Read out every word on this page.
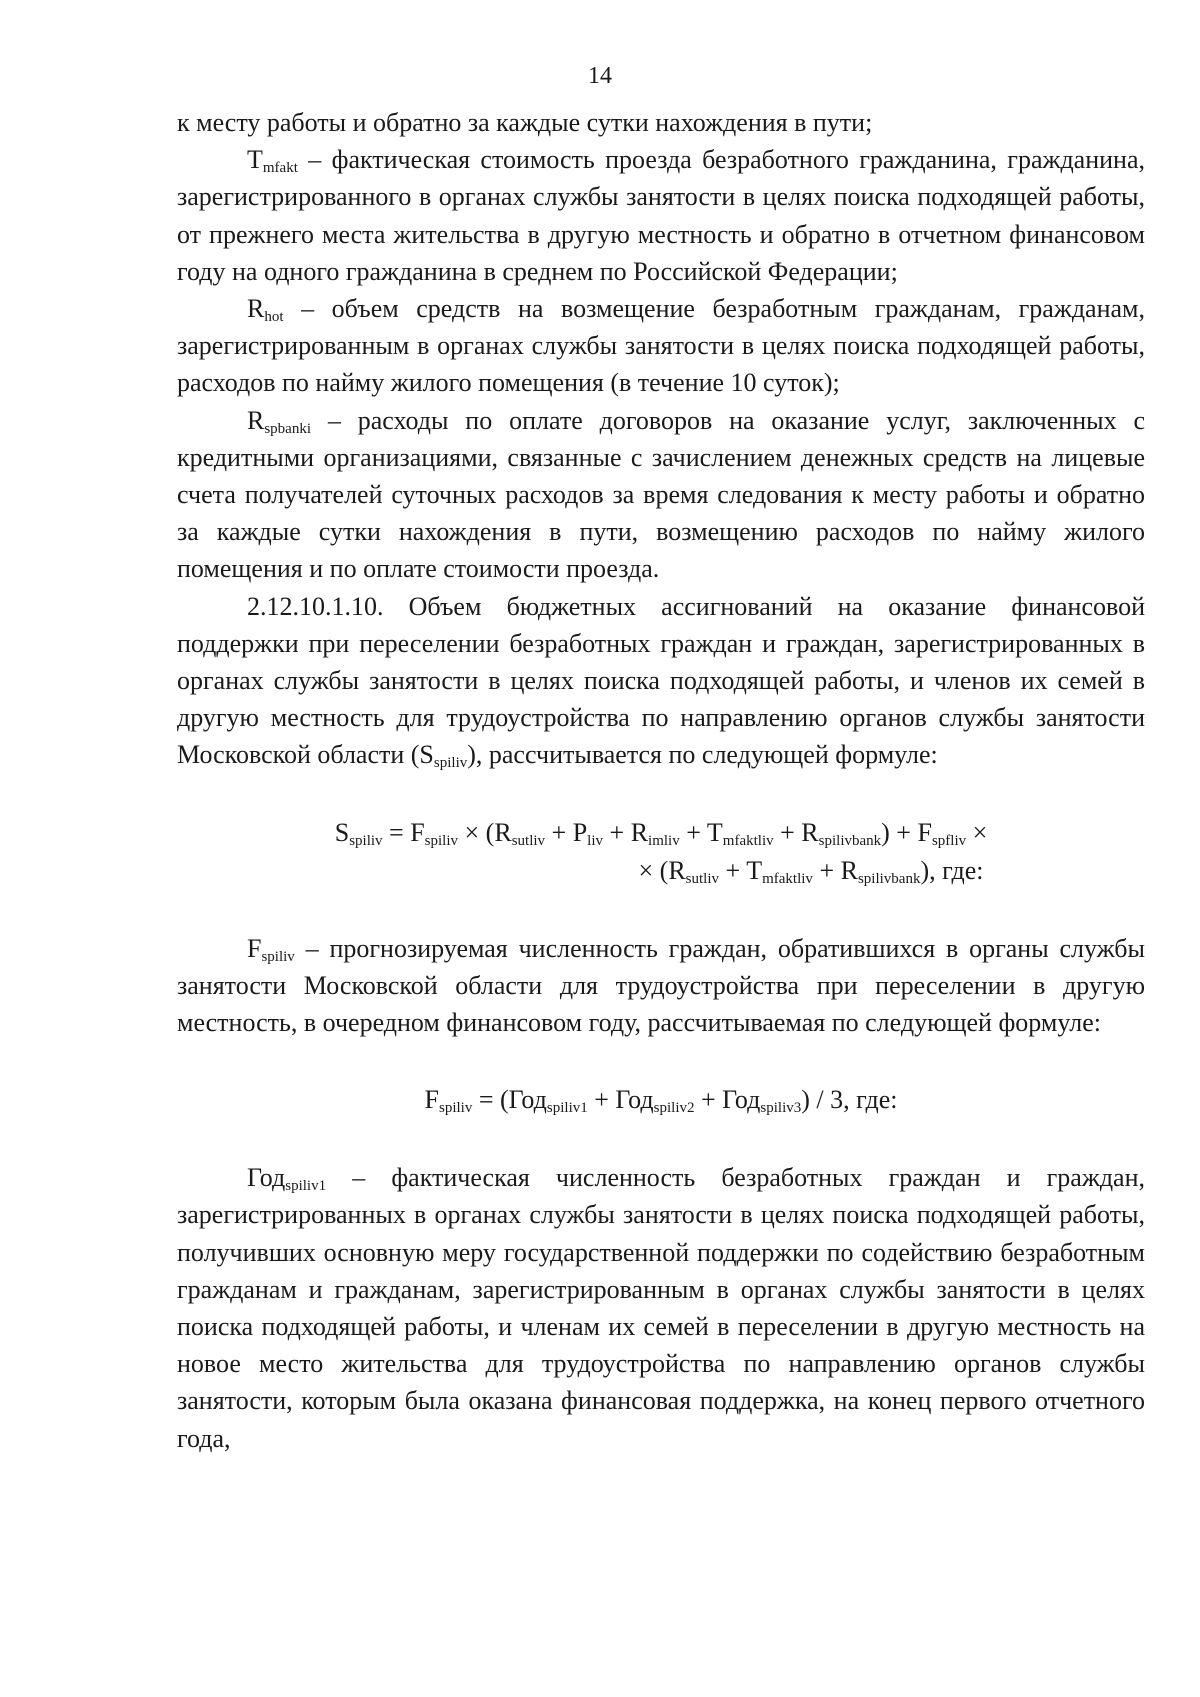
14

к месту работы и обратно за каждые сутки нахождения в пути;

$T_{mfakt}$ – фактическая стоимость проезда безработного гражданина, гражданина, зарегистрированного в органах службы занятости в целях поиска подходящей работы, от прежнего места жительства в другую местность и обратно в отчетном финансовом году на одного гражданина в среднем по Российской Федерации;

$R_{hot}$ – объем средств на возмещение безработным гражданам, гражданам, зарегистрированным в органах службы занятости в целях поиска подходящей работы, расходов по найму жилого помещения (в течение 10 суток);

$R_{spbanki}$ – расходы по оплате договоров на оказание услуг, заключенных с кредитными организациями, связанные с зачислением денежных средств на лицевые счета получателей суточных расходов за время следования к месту работы и обратно за каждые сутки нахождения в пути, возмещению расходов по найму жилого помещения и по оплате стоимости проезда.

2.12.10.1.10. Объем бюджетных ассигнований на оказание финансовой поддержки при переселении безработных граждан и граждан, зарегистрированных в органах службы занятости в целях поиска подходящей работы, и членов их семей в другую местность для трудоустройства по направлению органов службы занятости Московской области $(S_{spiliv})$, рассчитывается по следующей формуле:

$S_{spiliv} = F_{spiliv} \times (R_{sutliv} + P_{liv} + R_{imliv} + T_{mfaktliv} + R_{spilivbank}) + F_{spfliv}$ ×
× $(R_{sutliv} + T_{mfaktliv} + R_{spilivbank})$, где:

$F_{spiliv}$ – прогнозируемая численность граждан, обратившихся в органы службы занятости Московской области для трудоустройства при переселении в другую местность, в очередном финансовом году, рассчитываемая по следующей формуле:

$F_{spiliv} = (Год_{spiliv1} + Год_{spiliv2} + Год_{spiliv3}) / 3$, где:

Год$_{spiliv1}$ – фактическая численность безработных граждан и граждан, зарегистрированных в органах службы занятости в целях поиска подходящей работы, получивших основную меру государственной поддержки по содействию безработным гражданам и гражданам, зарегистрированным в органах службы занятости в целях поиска подходящей работы, и членам их семей в переселении в другую местность на новое место жительства для трудоустройства по направлению органов службы занятости, которым была оказана финансовая поддержка, на конец первого отчетного года,
